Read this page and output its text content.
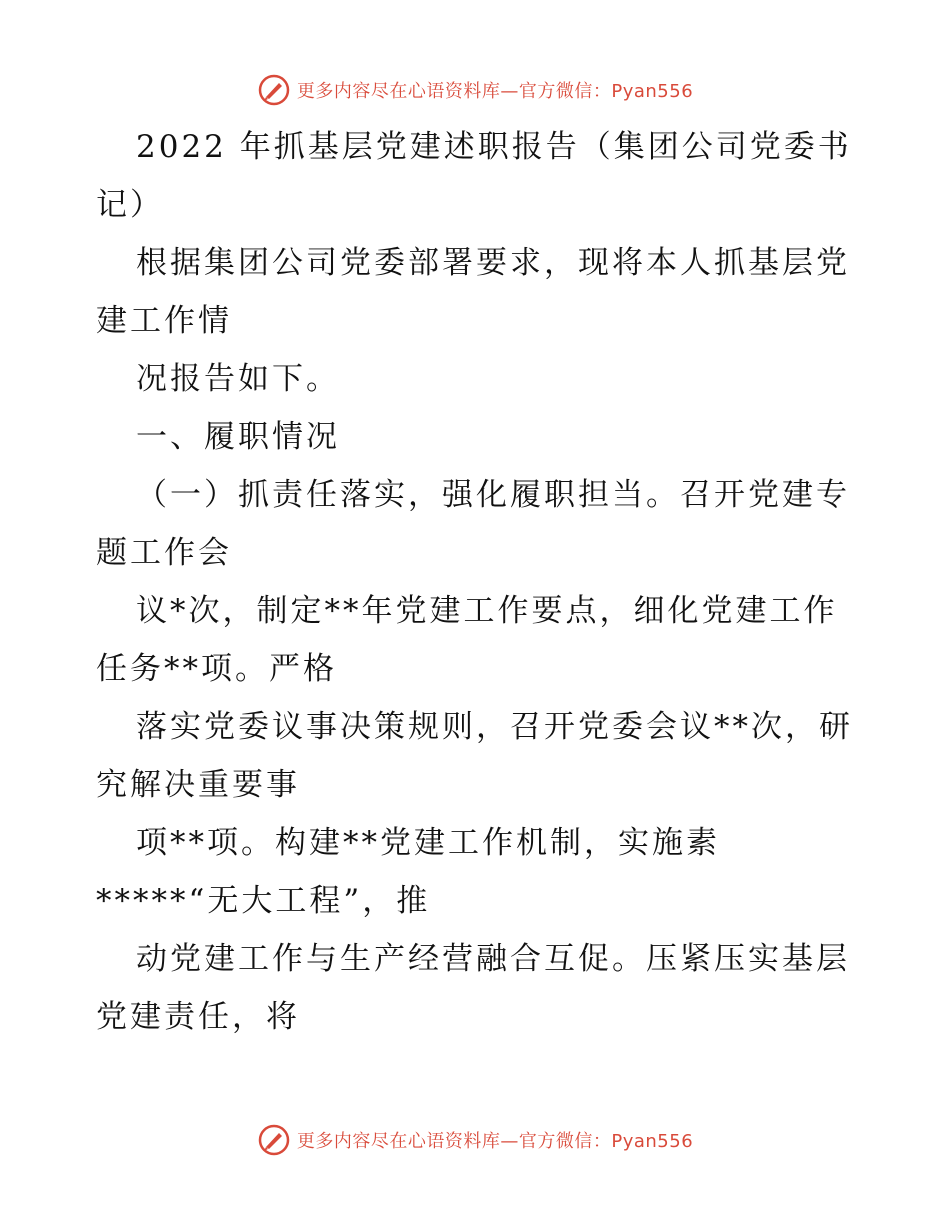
更多内容尽在心语资料库—官方微信：Pyan556
2022 年抓基层党建述职报告（集团公司党委书
记）
根据集团公司党委部署要求，现将本人抓基层党
建工作情
况报告如下。
一、履职情况
（一）抓责任落实，强化履职担当。召开党建专
题工作会
议*次，制定**年党建工作要点，细化党建工作
任务**项。严格
落实党委议事决策规则，召开党委会议**次，研
究解决重要事
项**项。构建**党建工作机制，实施素
*****“无大工程”，推
动党建工作与生产经营融合互促。压紧压实基层
党建责任，将
更多内容尽在心语资料库—官方微信：Pyan556
